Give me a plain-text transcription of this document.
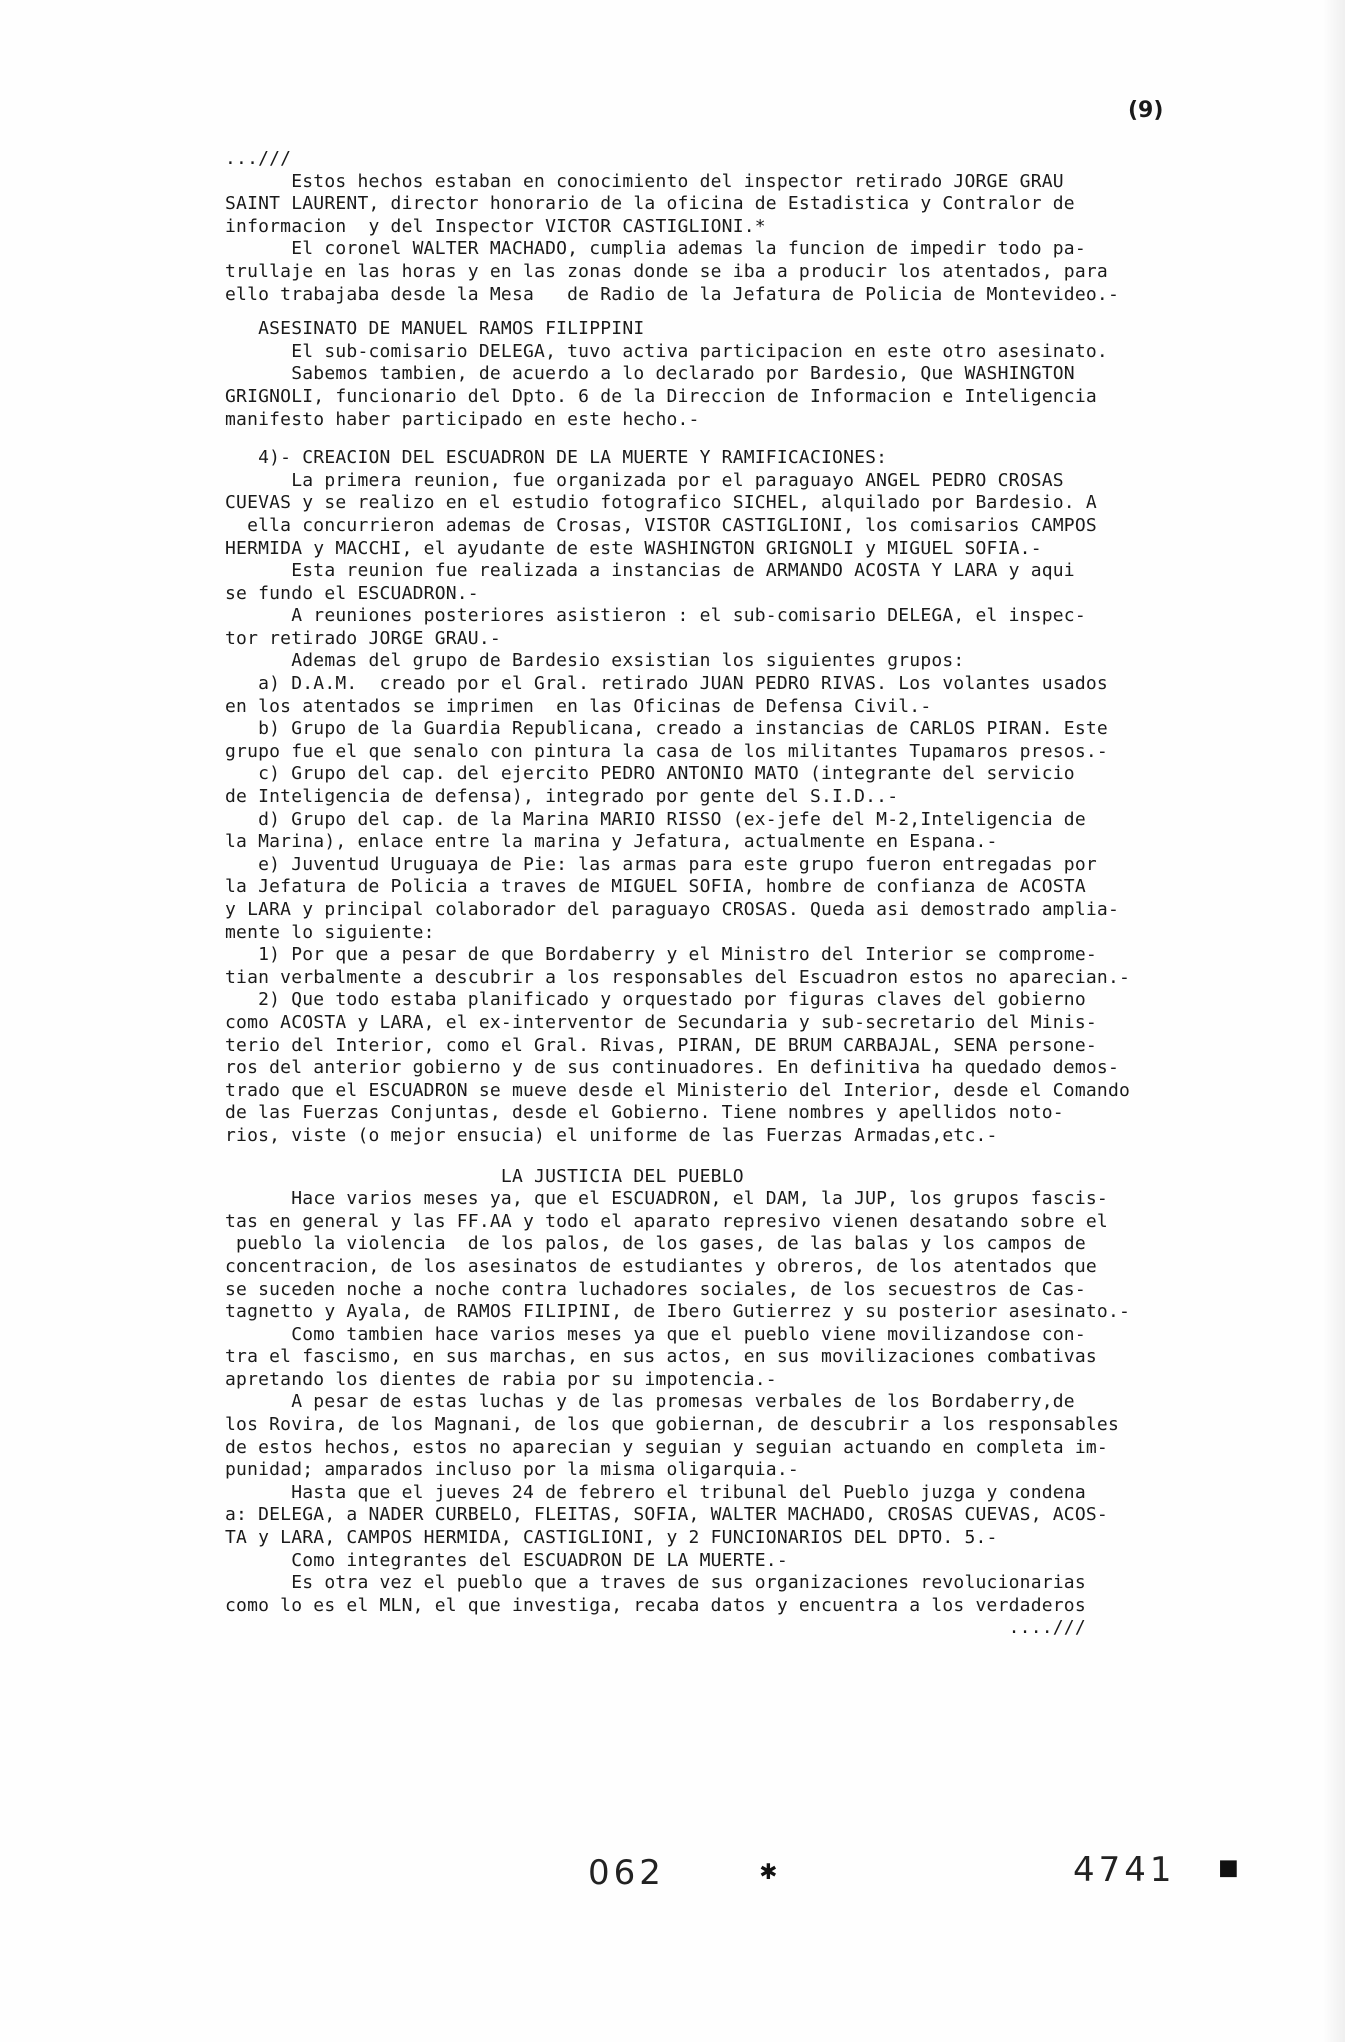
(9)
...///
Estos hechos estaban en conocimiento del inspector retirado JORGE GRAU
SAINT LAURENT, director honorario de la oficina de Estadistica y Contralor de
informacion  y del Inspector VICTOR CASTIGLIONI.*
El coronel WALTER MACHADO, cumplia ademas la funcion de impedir todo pa-
trullaje en las horas y en las zonas donde se iba a producir los atentados, para
ello trabajaba desde la Mesa   de Radio de la Jefatura de Policia de Montevideo.-
ASESINATO DE MANUEL RAMOS FILIPPINI
El sub-comisario DELEGA, tuvo activa participacion en este otro asesinato.
Sabemos tambien, de acuerdo a lo declarado por Bardesio, Que WASHINGTON
GRIGNOLI, funcionario del Dpto. 6 de la Direccion de Informacion e Inteligencia
manifesto haber participado en este hecho.-
4)- CREACION DEL ESCUADRON DE LA MUERTE Y RAMIFICACIONES:
La primera reunion, fue organizada por el paraguayo ANGEL PEDRO CROSAS
CUEVAS y se realizo en el estudio fotografico SICHEL, alquilado por Bardesio. A
ella concurrieron ademas de Crosas, VISTOR CASTIGLIONI, los comisarios CAMPOS
HERMIDA y MACCHI, el ayudante de este WASHINGTON GRIGNOLI y MIGUEL SOFIA.-
Esta reunion fue realizada a instancias de ARMANDO ACOSTA Y LARA y aqui
se fundo el ESCUADRON.-
A reuniones posteriores asistieron : el sub-comisario DELEGA, el inspec-
tor retirado JORGE GRAU.-
Ademas del grupo de Bardesio exsistian los siguientes grupos:
a) D.A.M.  creado por el Gral. retirado JUAN PEDRO RIVAS. Los volantes usados
en los atentados se imprimen  en las Oficinas de Defensa Civil.-
b) Grupo de la Guardia Republicana, creado a instancias de CARLOS PIRAN. Este
grupo fue el que senalo con pintura la casa de los militantes Tupamaros presos.-
c) Grupo del cap. del ejercito PEDRO ANTONIO MATO (integrante del servicio
de Inteligencia de defensa), integrado por gente del S.I.D..-
d) Grupo del cap. de la Marina MARIO RISSO (ex-jefe del M-2,Inteligencia de
la Marina), enlace entre la marina y Jefatura, actualmente en Espana.-
e) Juventud Uruguaya de Pie: las armas para este grupo fueron entregadas por
la Jefatura de Policia a traves de MIGUEL SOFIA, hombre de confianza de ACOSTA
y LARA y principal colaborador del paraguayo CROSAS. Queda asi demostrado amplia-
mente lo siguiente:
1) Por que a pesar de que Bordaberry y el Ministro del Interior se comprome-
tian verbalmente a descubrir a los responsables del Escuadron estos no aparecian.-
2) Que todo estaba planificado y orquestado por figuras claves del gobierno
como ACOSTA y LARA, el ex-interventor de Secundaria y sub-secretario del Minis-
terio del Interior, como el Gral. Rivas, PIRAN, DE BRUM CARBAJAL, SENA persone-
ros del anterior gobierno y de sus continuadores. En definitiva ha quedado demos-
trado que el ESCUADRON se mueve desde el Ministerio del Interior, desde el Comando
de las Fuerzas Conjuntas, desde el Gobierno. Tiene nombres y apellidos noto-
rios, viste (o mejor ensucia) el uniforme de las Fuerzas Armadas,etc.-
LA JUSTICIA DEL PUEBLO
Hace varios meses ya, que el ESCUADRON, el DAM, la JUP, los grupos fascis-
tas en general y las FF.AA y todo el aparato represivo vienen desatando sobre el
pueblo la violencia  de los palos, de los gases, de las balas y los campos de
concentracion, de los asesinatos de estudiantes y obreros, de los atentados que
se suceden noche a noche contra luchadores sociales, de los secuestros de Cas-
tagnetto y Ayala, de RAMOS FILIPINI, de Ibero Gutierrez y su posterior asesinato.-
Como tambien hace varios meses ya que el pueblo viene movilizandose con-
tra el fascismo, en sus marchas, en sus actos, en sus movilizaciones combativas
apretando los dientes de rabia por su impotencia.-
A pesar de estas luchas y de las promesas verbales de los Bordaberry,de
los Rovira, de los Magnani, de los que gobiernan, de descubrir a los responsables
de estos hechos, estos no aparecian y seguian y seguian actuando en completa im-
punidad; amparados incluso por la misma oligarquia.-
Hasta que el jueves 24 de febrero el tribunal del Pueblo juzga y condena
a: DELEGA, a NADER CURBELO, FLEITAS, SOFIA, WALTER MACHADO, CROSAS CUEVAS, ACOS-
TA y LARA, CAMPOS HERMIDA, CASTIGLIONI, y 2 FUNCIONARIOS DEL DPTO. 5.-
Como integrantes del ESCUADRON DE LA MUERTE.-
Es otra vez el pueblo que a traves de sus organizaciones revolucionarias
como lo es el MLN, el que investiga, recaba datos y encuentra a los verdaderos
....///
062	✱	4741 ■
